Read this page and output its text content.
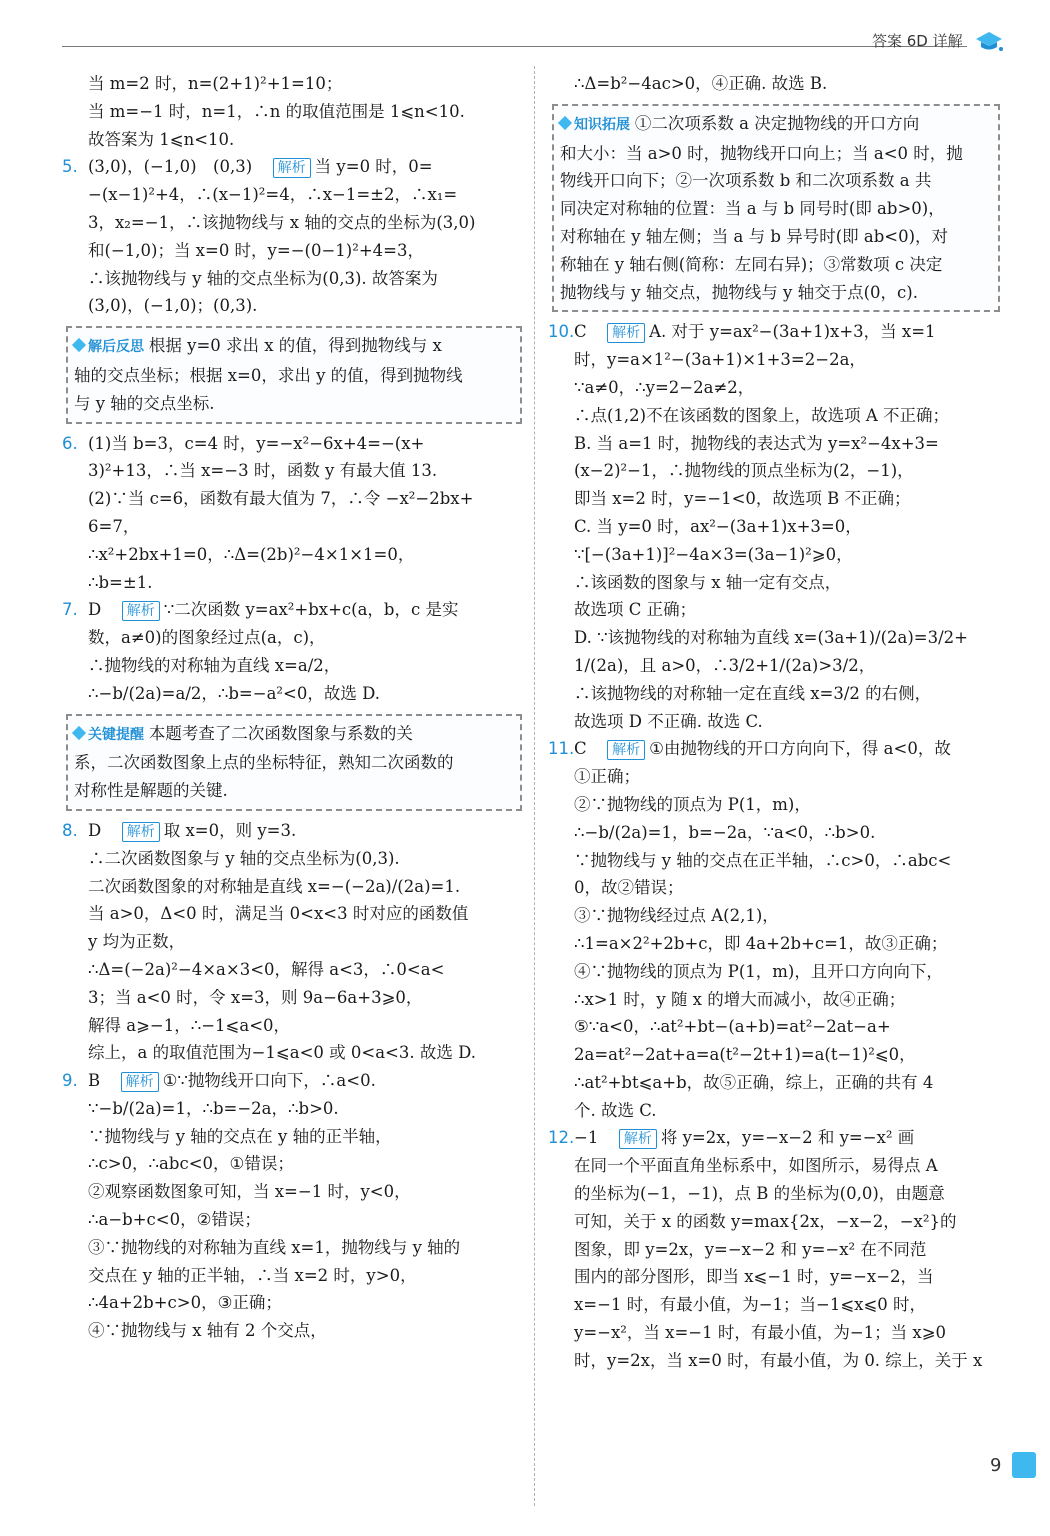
答案 6D 详解
当 m=2 时，n=(2+1)²+1=10；
当 m=−1 时，n=1，∴n 的取值范围是 1⩽n<10.
故答案为 1⩽n<10.
5. (3,0)，(−1,0)　(0,3)　解析 当 y=0 时，0=
−(x−1)²+4，∴(x−1)²=4，∴x−1=±2，∴x₁=
3，x₂=−1，∴该抛物线与 x 轴的交点的坐标为(3,0)
和(−1,0)；当 x=0 时，y=−(0−1)²+4=3，
∴该抛物线与 y 轴的交点坐标为(0,3). 故答案为
(3,0)，(−1,0)；(0,3).
解后反思 根据 y=0 求出 x 的值，得到抛物线与 x
轴的交点坐标；根据 x=0，求出 y 的值，得到抛物线
与 y 轴的交点坐标.
6. (1)当 b=3，c=4 时，y=−x²−6x+4=−(x+
3)²+13，∴当 x=−3 时，函数 y 有最大值 13.
(2)∵当 c=6，函数有最大值为 7，∴令 −x²−2bx+
6=7，
∴x²+2bx+1=0，∴Δ=(2b)²−4×1×1=0，
∴b=±1.
7. D　解析 ∵二次函数 y=ax²+bx+c(a，b，c 是实
数，a≠0)的图象经过点(a，c)，
∴抛物线的对称轴为直线 x=a/2，
∴−b/(2a)=a/2，∴b=−a²<0，故选 D.
关键提醒 本题考查了二次函数图象与系数的关
系，二次函数图象上点的坐标特征，熟知二次函数的
对称性是解题的关键.
8. D　解析 取 x=0，则 y=3.
∴二次函数图象与 y 轴的交点坐标为(0,3).
二次函数图象的对称轴是直线 x=−(−2a)/(2a)=1.
当 a>0，Δ<0 时，满足当 0<x<3 时对应的函数值
y 均为正数，
∴Δ=(−2a)²−4×a×3<0，解得 a<3，∴0<a<
3；当 a<0 时，令 x=3，则 9a−6a+3⩾0，
解得 a⩾−1，∴−1⩽a<0，
综上，a 的取值范围为−1⩽a<0 或 0<a<3. 故选 D.
9. B　解析 ①∵抛物线开口向下，∴a<0.
∵−b/(2a)=1，∴b=−2a，∴b>0.
∵抛物线与 y 轴的交点在 y 轴的正半轴，
∴c>0，∴abc<0，①错误；
②观察函数图象可知，当 x=−1 时，y<0，
∴a−b+c<0，②错误；
③∵抛物线的对称轴为直线 x=1，抛物线与 y 轴的
交点在 y 轴的正半轴，∴当 x=2 时，y>0，
∴4a+2b+c>0，③正确；
④∵抛物线与 x 轴有 2 个交点，
∴Δ=b²−4ac>0，④正确. 故选 B.
知识拓展 ①二次项系数 a 决定抛物线的开口方向
和大小：当 a>0 时，抛物线开口向上；当 a<0 时，抛
物线开口向下；②一次项系数 b 和二次项系数 a 共
同决定对称轴的位置：当 a 与 b 同号时(即 ab>0)，
对称轴在 y 轴左侧；当 a 与 b 异号时(即 ab<0)，对
称轴在 y 轴右侧(简称：左同右异)；③常数项 c 决定
抛物线与 y 轴交点，抛物线与 y 轴交于点(0，c).
10. C　解析 A. 对于 y=ax²−(3a+1)x+3，当 x=1
时，y=a×1²−(3a+1)×1+3=2−2a，
∵a≠0，∴y=2−2a≠2，
∴点(1,2)不在该函数的图象上，故选项 A 不正确；
B. 当 a=1 时，抛物线的表达式为 y=x²−4x+3=
(x−2)²−1，∴抛物线的顶点坐标为(2，−1)，
即当 x=2 时，y=−1<0，故选项 B 不正确；
C. 当 y=0 时，ax²−(3a+1)x+3=0，
∵[−(3a+1)]²−4a×3=(3a−1)²⩾0，
∴该函数的图象与 x 轴一定有交点，
故选项 C 正确；
D. ∵该抛物线的对称轴为直线 x=(3a+1)/(2a)=3/2+
1/(2a)，且 a>0，∴3/2+1/(2a)>3/2，
∴该抛物线的对称轴一定在直线 x=3/2 的右侧，
故选项 D 不正确. 故选 C.
11. C　解析 ①由抛物线的开口方向向下，得 a<0，故
①正确；
②∵抛物线的顶点为 P(1，m)，
∴−b/(2a)=1，b=−2a，∵a<0，∴b>0.
∵抛物线与 y 轴的交点在正半轴，∴c>0，∴abc<
0，故②错误；
③∵抛物线经过点 A(2,1)，
∴1=a×2²+2b+c，即 4a+2b+c=1，故③正确；
④∵抛物线的顶点为 P(1，m)，且开口方向向下，
∴x>1 时，y 随 x 的增大而减小，故④正确；
⑤∵a<0，∴at²+bt−(a+b)=at²−2at−a+
2a=at²−2at+a=a(t²−2t+1)=a(t−1)²⩽0，
∴at²+bt⩽a+b，故⑤正确，综上，正确的共有 4
个. 故选 C.
12. −1　解析 将 y=2x，y=−x−2 和 y=−x² 画
在同一个平面直角坐标系中，如图所示，易得点 A
的坐标为(−1，−1)，点 B 的坐标为(0,0)，由题意
可知，关于 x 的函数 y=max{2x，−x−2，−x²}的
图象，即 y=2x，y=−x−2 和 y=−x² 在不同范
围内的部分图形，即当 x⩽−1 时，y=−x−2，当
x=−1 时，有最小值，为−1；当−1⩽x⩽0 时，
y=−x²，当 x=−1 时，有最小值，为−1；当 x⩾0
时，y=2x，当 x=0 时，有最小值，为 0. 综上，关于 x
9
